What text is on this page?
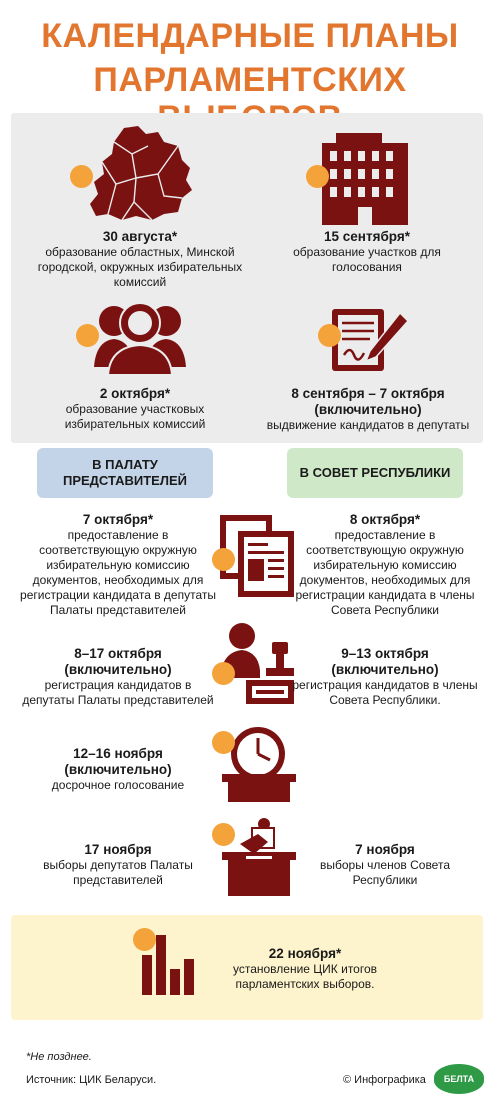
КАЛЕНДАРНЫЕ ПЛАНЫ
ПАРЛАМЕНТСКИХ
30 августа*
образование областных, Минской городской, окружных избирательных комиссий
15 сентября*
образование участков для голосования
2 октября*
образование участковых избирательных комиссий
8 сентября – 7 октября
(включительно)
выдвижение кандидатов в депутаты
В ПАЛАТУ ПРЕДСТАВИТЕЛЕЙ
В СОВЕТ РЕСПУБЛИКИ
7 октября*
предоставление в соответствующую окружную избирательную комиссию документов, необходимых для регистрации кандидата в депутаты Палаты представителей
8 октября*
предоставление в соответствующую окружную избирательную комиссию документов, необходимых для регистрации кандидата в члены Совета Республики
8–17 октября
(включительно)
регистрация кандидатов в депутаты Палаты представителей
9–13 октября
(включительно)
регистрация кандидатов в члены Совета Республики.
12–16 ноября
(включительно)
досрочное голосование
17 ноября
выборы депутатов Палаты представителей
7 ноября
выборы членов Совета Республики
22 ноября*
установление ЦИК итогов парламентских выборов.
*Не позднее.
Источник: ЦИК Беларуси.	© Инфографика БЕЛТА
